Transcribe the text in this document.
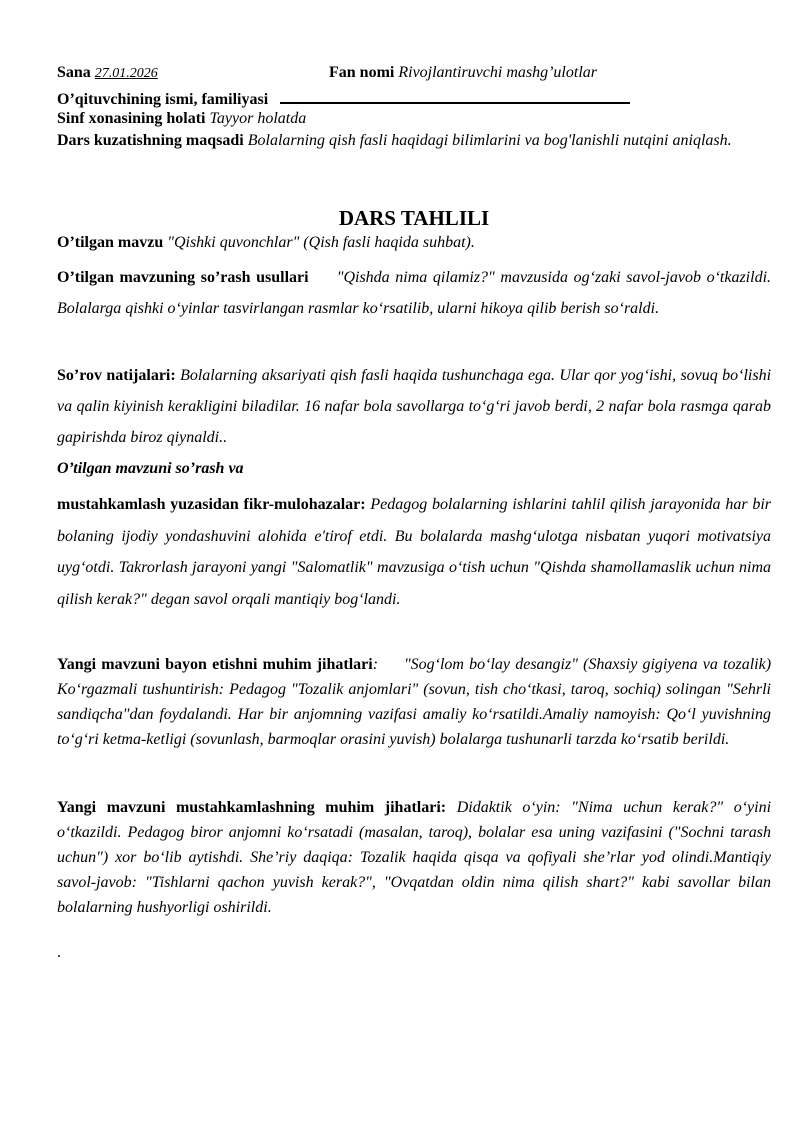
Sana 27.01.2026	Fan nomi Rivojlantiruvchi mashg’ulotlar
O’qituvchining ismi, familiyasi
Sinf xonasining holati Tayyor holatda
Dars kuzatishning maqsadi Bolalarning qish fasli haqidagi bilimlarini va bog'lanishli nutqini aniqlash.
DARS TAHLILI
O’tilgan mavzu "Qishki quvonchlar" (Qish fasli haqida suhbat).
O’tilgan mavzuning so’rash usullari "Qishda nima qilamiz?" mavzusida og‘zaki savol-javob o‘tkazildi. Bolalarga qishki o‘yinlar tasvirlangan rasmlar ko‘rsatilib, ularni hikoya qilib berish so‘raldi.
So’rov natijalari: Bolalarning aksariyati qish fasli haqida tushunchaga ega. Ular qor yog‘ishi, sovuq bo‘lishi va qalin kiyinish kerakligini biladilar. 16 nafar bola savollarga to‘g‘ri javob berdi, 2 nafar bola rasmga qarab gapirishda biroz qiynaldi..
O’tilgan mavzuni so’rash va
mustahkamlash yuzasidan fikr-mulohazalar: Pedagog bolalarning ishlarini tahlil qilish jarayonida har bir bolaning ijodiy yondashuvini alohida e'tirof etdi. Bu bolalarda mashg‘ulotga nisbatan yuqori motivatsiya uyg‘otdi. Takrorlash jarayoni yangi "Salomatlik" mavzusiga o‘tish uchun "Qishda shamollamaslik uchun nima qilish kerak?" degan savol orqali mantiqiy bog‘landi.
Yangi mavzuni bayon etishni muhim jihatlari: "Sog‘lom bo‘lay desangiz" (Shaxsiy gigiyena va tozalik) Ko‘rgazmali tushuntirish: Pedagog "Tozalik anjomlari" (sovun, tish cho‘tkasi, taroq, sochiq) solingan "Sehrli sandiqcha"dan foydalandi. Har bir anjomning vazifasi amaliy ko‘rsatildi.Amaliy namoyish: Qo‘l yuvishning to‘g‘ri ketma-ketligi (sovunlash, barmoqlar orasini yuvish) bolalarga tushunarli tarzda ko‘rsatib berildi.
Yangi mavzuni mustahkamlashning muhim jihatlari: Didaktik o‘yin: "Nima uchun kerak?" o‘yini o‘tkazildi. Pedagog biror anjomni ko‘rsatadi (masalan, taroq), bolalar esa uning vazifasini ("Sochni tarash uchun") xor bo‘lib aytishdi. She’riy daqiqa: Tozalik haqida qisqa va qofiyali she’rlar yod olindi.Mantiqiy savol-javob: "Tishlarni qachon yuvish kerak?", "Ovqatdan oldin nima qilish shart?" kabi savollar bilan bolalarning hushyorligi oshirildi.
.
